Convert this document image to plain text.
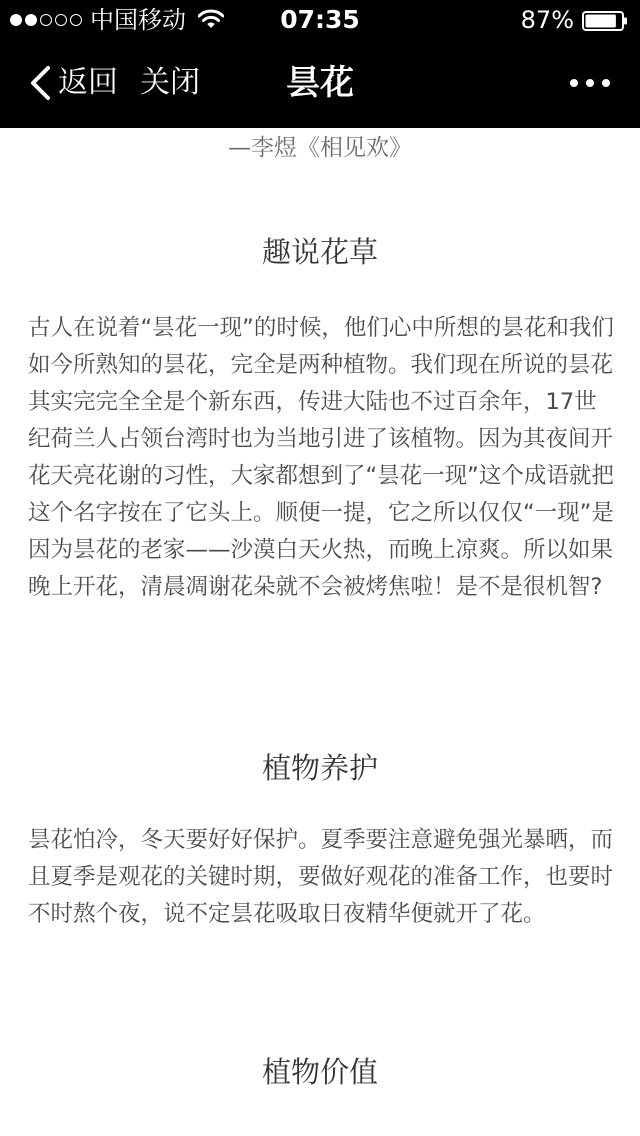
中国移动	07:35	87%
返回 关闭	昙花
—李煜《相见欢》
趣说花草

古人在说着“昙花一现”的时候，他们心中所想的昙花和我们如今所熟知的昙花，完全是两种植物。我们现在所说的昙花其实完完全全是个新东西，传进大陆也不过百余年，17世纪荷兰人占领台湾时也为当地引进了该植物。因为其夜间开花天亮花谢的习性，大家都想到了“昙花一现”这个成语就把这个名字按在了它头上。顺便一提，它之所以仅仅“一现”是因为昙花的老家——沙漠白天火热，而晚上凉爽。所以如果晚上开花，清晨凋谢花朵就不会被烤焦啦！是不是很机智?

植物养护

昙花怕冷，冬天要好好保护。夏季要注意避免强光暴晒，而且夏季是观花的关键时期，要做好观花的准备工作，也要时不时熬个夜，说不定昙花吸取日夜精华便就开了花。

植物价值
